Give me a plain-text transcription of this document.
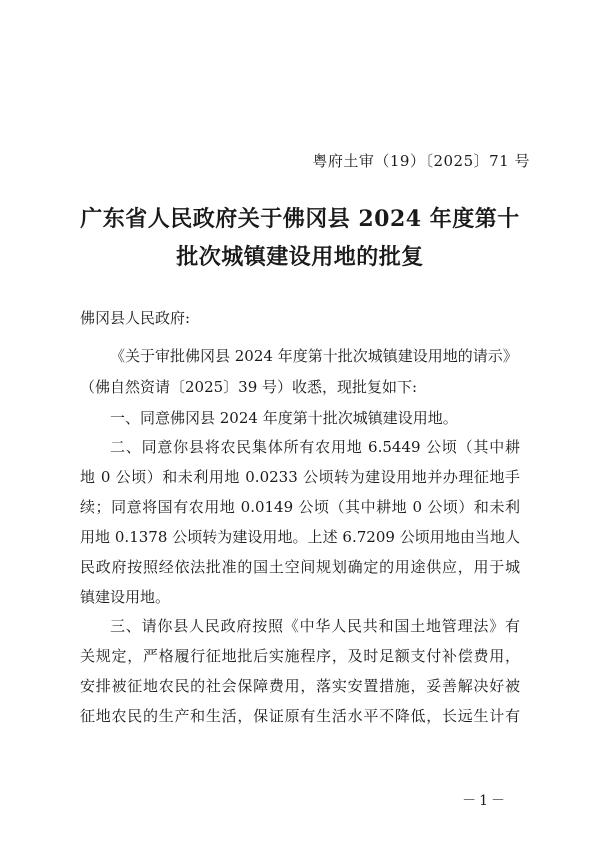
粤府土审（19）〔2025〕71 号
广东省人民政府关于佛冈县 2024 年度第十
批次城镇建设用地的批复
佛冈县人民政府:
《关于审批佛冈县 2024 年度第十批次城镇建设用地的请示》
（佛自然资请〔2025〕39 号）收悉，现批复如下:
一、同意佛冈县 2024 年度第十批次城镇建设用地。
二、同意你县将农民集体所有农用地 6.5449 公顷（其中耕
地 0 公顷）和未利用地 0.0233 公顷转为建设用地并办理征地手
续；同意将国有农用地 0.0149 公顷（其中耕地 0 公顷）和未利
用地 0.1378 公顷转为建设用地。上述 6.7209 公顷用地由当地人
民政府按照经依法批准的国土空间规划确定的用途供应，用于城
镇建设用地。
三、请你县人民政府按照《中华人民共和国土地管理法》有
关规定，严格履行征地批后实施程序，及时足额支付补偿费用，
安排被征地农民的社会保障费用，落实安置措施，妥善解决好被
征地农民的生产和生活，保证原有生活水平不降低，长远生计有
－1－
